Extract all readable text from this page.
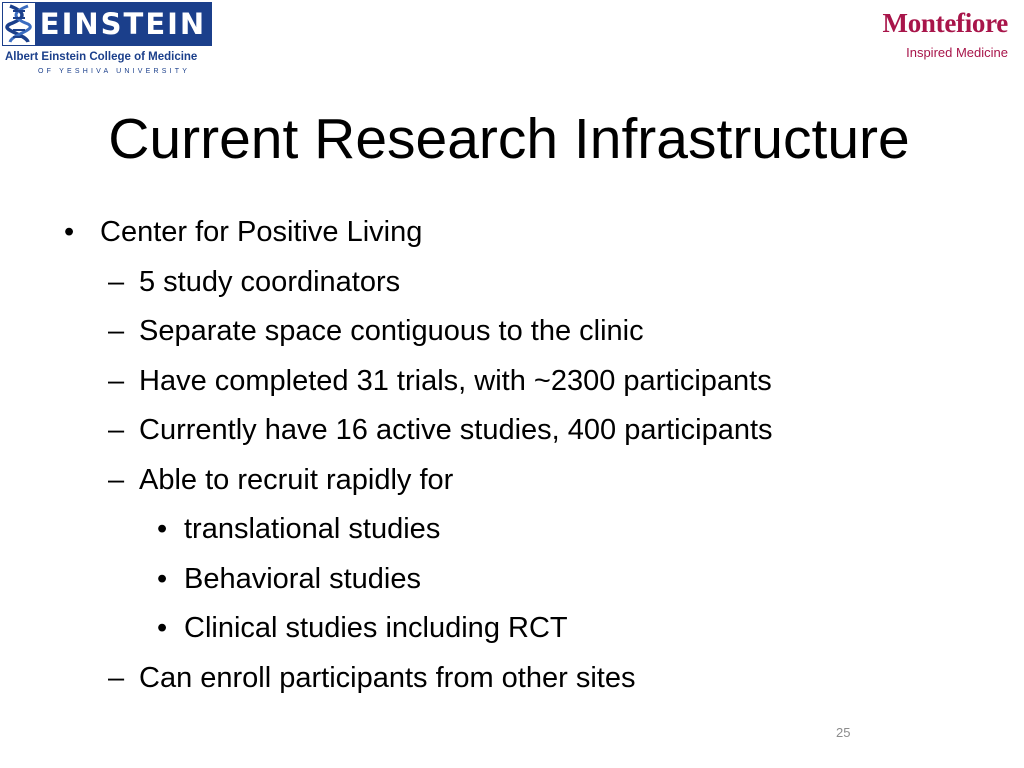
EINSTEIN
Albert Einstein College of Medicine
OF YESHIVA UNIVERSITY
Montefiore
Inspired Medicine
Current Research Infrastructure
• Center for Positive Living
– 5 study coordinators
– Separate space contiguous to the clinic
– Have completed 31 trials, with ~2300 participants
– Currently have 16 active studies, 400 participants
– Able to recruit rapidly for
• translational studies
• Behavioral studies
• Clinical studies including RCT
– Can enroll participants from other sites
25
